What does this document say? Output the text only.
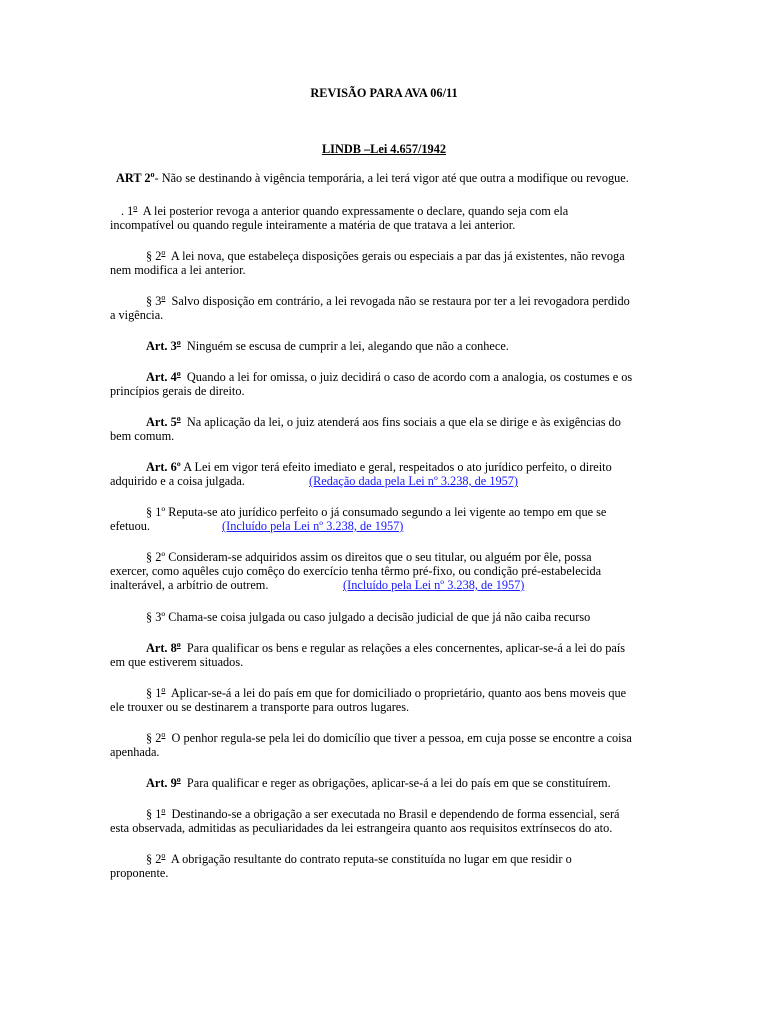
REVISÃO PARA AVA 06/11
LINDB –Lei 4.657/1942
ART 2$^o$- Não se destinando à vigência temporária, a lei terá vigor até que outra a modifique ou revogue.
. 1$^o$ A lei posterior revoga a anterior quando expressamente o declare, quando seja com ela
incompatível ou quando regule inteiramente a matéria de que tratava a lei anterior.
§ 2$^o$ A lei nova, que estabeleça disposições gerais ou especiais a par das já existentes, não revoga
nem modifica a lei anterior.
§ 3$^o$ Salvo disposição em contrário, a lei revogada não se restaura por ter a lei revogadora perdido
a vigência.
Art. 3$^o$ Ninguém se escusa de cumprir a lei, alegando que não a conhece.
Art. 4$^o$ Quando a lei for omissa, o juiz decidirá o caso de acordo com a analogia, os costumes e os
princípios gerais de direito.
Art. 5$^o$ Na aplicação da lei, o juiz atenderá aos fins sociais a que ela se dirige e às exigências do
bem comum.
Art. 6º A Lei em vigor terá efeito imediato e geral, respeitados o ato jurídico perfeito, o direito
adquirido e a coisa julgada.	(Redação dada pela Lei nº 3.238, de 1957)
§ 1º Reputa-se ato jurídico perfeito o já consumado segundo a lei vigente ao tempo em que se
efetuou.	(Incluído pela Lei nº 3.238, de 1957)
§ 2º Consideram-se adquiridos assim os direitos que o seu titular, ou alguém por êle, possa
exercer, como aquêles cujo comêço do exercício tenha têrmo pré-fixo, ou condição pré-estabelecida
inalterável, a arbítrio de outrem.	(Incluído pela Lei nº 3.238, de 1957)
§ 3º Chama-se coisa julgada ou caso julgado a decisão judicial de que já não caiba recurso
Art. 8$^o$ Para qualificar os bens e regular as relações a eles concernentes, aplicar-se-á a lei do país
em que estiverem situados.
§ 1$^o$ Aplicar-se-á a lei do país em que for domiciliado o proprietário, quanto aos bens moveis que
ele trouxer ou se destinarem a transporte para outros lugares.
§ 2$^o$ O penhor regula-se pela lei do domicílio que tiver a pessoa, em cuja posse se encontre a coisa
apenhada.
Art. 9$^o$ Para qualificar e reger as obrigações, aplicar-se-á a lei do país em que se constituírem.
§ 1$^o$ Destinando-se a obrigação a ser executada no Brasil e dependendo de forma essencial, será
esta observada, admitidas as peculiaridades da lei estrangeira quanto aos requisitos extrínsecos do ato.
§ 2$^o$ A obrigação resultante do contrato reputa-se constituída no lugar em que residir o
proponente.
